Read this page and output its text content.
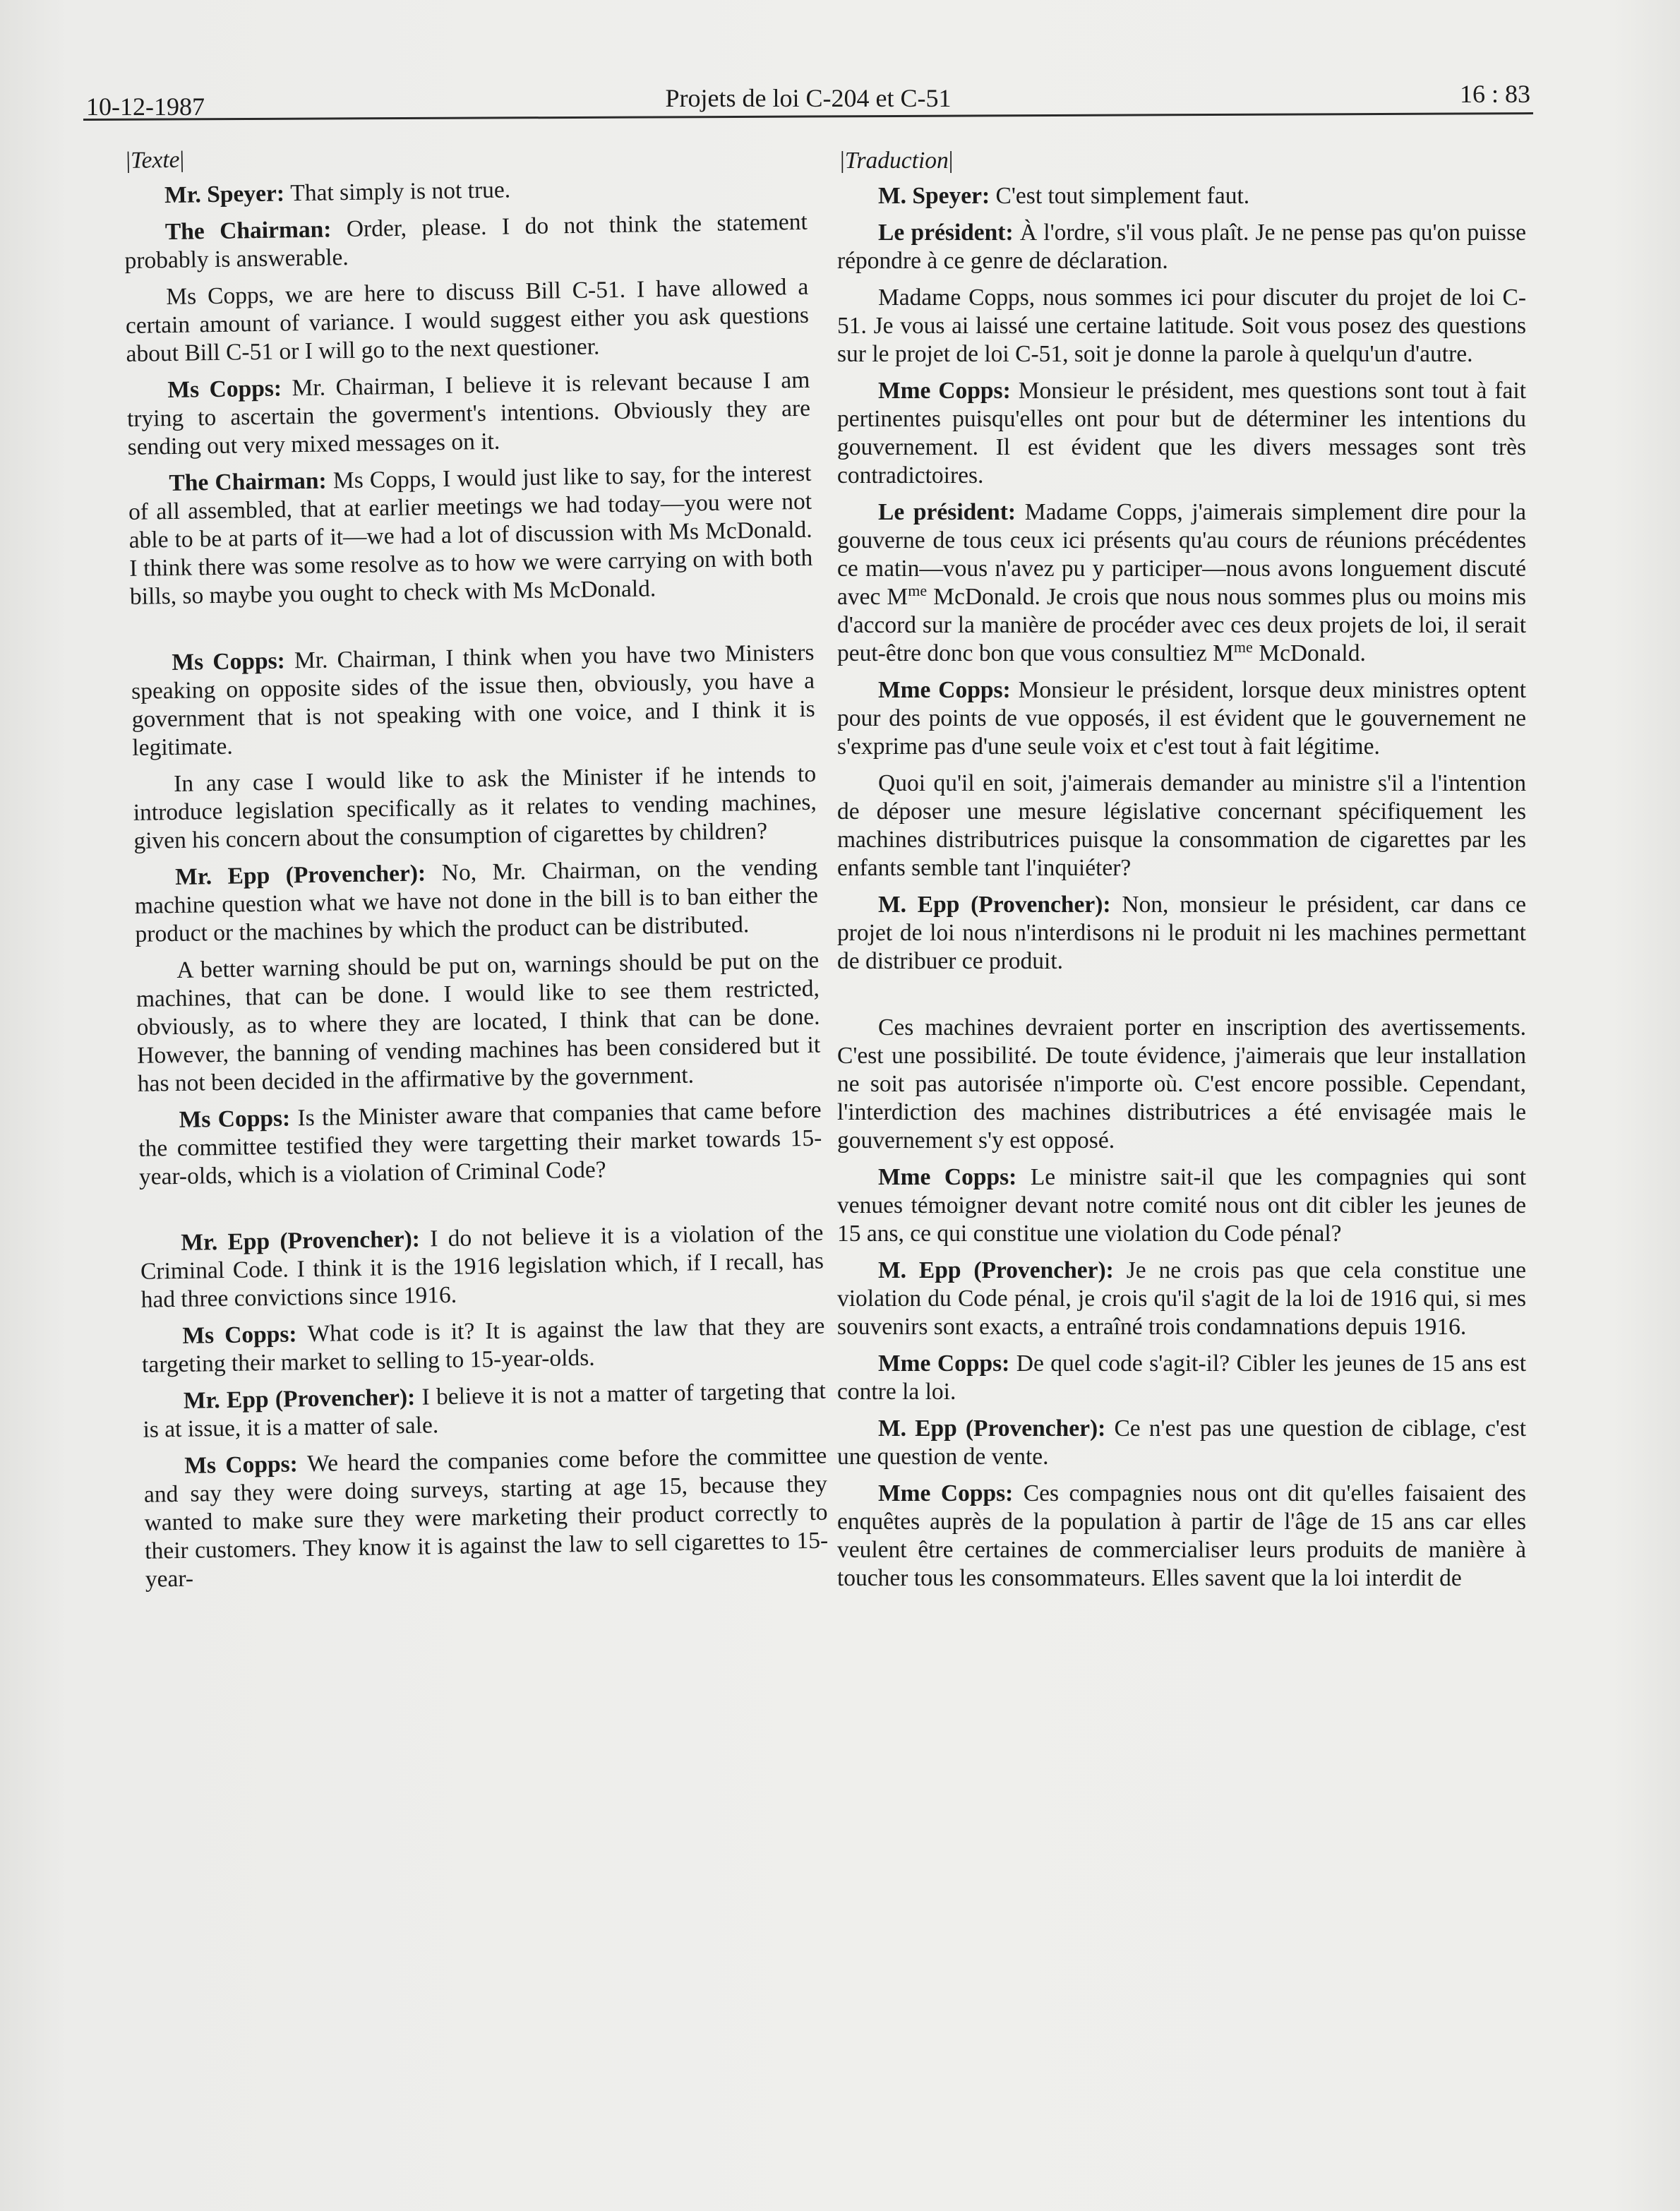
10-12-1987	Projets de loi C-204 et C-51	16 : 83
| Texte |
Mr. Speyer: That simply is not true.
The Chairman: Order, please. I do not think the statement probably is answerable.
Ms Copps, we are here to discuss Bill C-51. I have allowed a certain amount of variance. I would suggest either you ask questions about Bill C-51 or I will go to the next questioner.
Ms Copps: Mr. Chairman, I believe it is relevant because I am trying to ascertain the goverment's intentions. Obviously they are sending out very mixed messages on it.
The Chairman: Ms Copps, I would just like to say, for the interest of all assembled, that at earlier meetings we had today—you were not able to be at parts of it—we had a lot of discussion with Ms McDonald. I think there was some resolve as to how we were carrying on with both bills, so maybe you ought to check with Ms McDonald.
Ms Copps: Mr. Chairman, I think when you have two Ministers speaking on opposite sides of the issue then, obviously, you have a government that is not speaking with one voice, and I think it is legitimate.
In any case I would like to ask the Minister if he intends to introduce legislation specifically as it relates to vending machines, given his concern about the consumption of cigarettes by children?
Mr. Epp (Provencher): No, Mr. Chairman, on the vending machine question what we have not done in the bill is to ban either the product or the machines by which the product can be distributed.
A better warning should be put on, warnings should be put on the machines, that can be done. I would like to see them restricted, obviously, as to where they are located, I think that can be done. However, the banning of vending machines has been considered but it has not been decided in the affirmative by the government.
Ms Copps: Is the Minister aware that companies that came before the committee testified they were targetting their market towards 15-year-olds, which is a violation of Criminal Code?
Mr. Epp (Provencher): I do not believe it is a violation of the Criminal Code. I think it is the 1916 legislation which, if I recall, has had three convictions since 1916.
Ms Copps: What code is it? It is against the law that they are targeting their market to selling to 15-year-olds.
Mr. Epp (Provencher): I believe it is not a matter of targeting that is at issue, it is a matter of sale.
Ms Copps: We heard the companies come before the committee and say they were doing surveys, starting at age 15, because they wanted to make sure they were marketing their product correctly to their customers. They know it is against the law to sell cigarettes to 15-year-
| Traduction |
M. Speyer: C'est tout simplement faut.
Le président: À l'ordre, s'il vous plaît. Je ne pense pas qu'on puisse répondre à ce genre de déclaration.
Madame Copps, nous sommes ici pour discuter du projet de loi C-51. Je vous ai laissé une certaine latitude. Soit vous posez des questions sur le projet de loi C-51, soit je donne la parole à quelqu'un d'autre.
Mme Copps: Monsieur le président, mes questions sont tout à fait pertinentes puisqu'elles ont pour but de déterminer les intentions du gouvernement. Il est évident que les divers messages sont très contradictoires.
Le président: Madame Copps, j'aimerais simplement dire pour la gouverne de tous ceux ici présents qu'au cours de réunions précédentes ce matin—vous n'avez pu y participer—nous avons longuement discuté avec $M^{me}$ McDonald. Je crois que nous nous sommes plus ou moins mis d'accord sur la manière de procéder avec ces deux projets de loi, il serait peut-être donc bon que vous consultiez $M^{me}$ McDonald.
Mme Copps: Monsieur le président, lorsque deux ministres optent pour des points de vue opposés, il est évident que le gouvernement ne s'exprime pas d'une seule voix et c'est tout à fait légitime.
Quoi qu'il en soit, j'aimerais demander au ministre s'il a l'intention de déposer une mesure législative concernant spécifiquement les machines distributrices puisque la consommation de cigarettes par les enfants semble tant l'inquiéter?
M. Epp (Provencher): Non, monsieur le président, car dans ce projet de loi nous n'interdisons ni le produit ni les machines permettant de distribuer ce produit.
Ces machines devraient porter en inscription des avertissements. C'est une possibilité. De toute évidence, j'aimerais que leur installation ne soit pas autorisée n'importe où. C'est encore possible. Cependant, l'interdiction des machines distributrices a été envisagée mais le gouvernement s'y est opposé.
Mme Copps: Le ministre sait-il que les compagnies qui sont venues témoigner devant notre comité nous ont dit cibler les jeunes de 15 ans, ce qui constitue une violation du Code pénal?
M. Epp (Provencher): Je ne crois pas que cela constitue une violation du Code pénal, je crois qu'il s'agit de la loi de 1916 qui, si mes souvenirs sont exacts, a entraîné trois condamnations depuis 1916.
Mme Copps: De quel code s'agit-il? Cibler les jeunes de 15 ans est contre la loi.
M. Epp (Provencher): Ce n'est pas une question de ciblage, c'est une question de vente.
Mme Copps: Ces compagnies nous ont dit qu'elles faisaient des enquêtes auprès de la population à partir de l'âge de 15 ans car elles veulent être certaines de commercialiser leurs produits de manière à toucher tous les consommateurs. Elles savent que la loi interdit de
